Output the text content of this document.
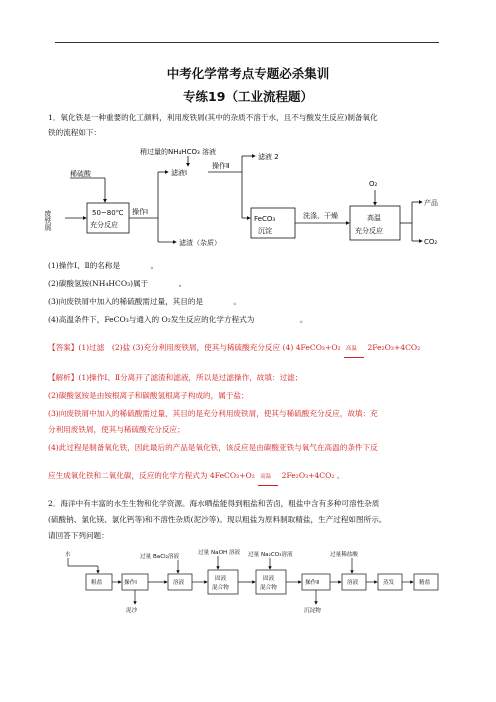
中考化学常考点专题必杀集训
专练19（工业流程题）
1．氧化铁是一种重要的化工颜料，利用废铁屑(其中的杂质不溶于水，且不与酸发生反应)制备氧化
铁的流程如下：
稍过量的NH₄HCO₃ 溶液
稀硫酸
废铁屑	50~80℃
充分反应
操作Ⅰ
滤液Ⅰ
操作Ⅱ
滤液 2
滤渣（杂质）
FeCO₃
沉淀
洗涤、干燥	高温
充分反应
O₂
产品
CO₂
(1)操作Ⅰ、Ⅱ的名称是　　　　。
(2)碳酸氢铵(NH₄HCO₃)属于　　　　。
(3)向废铁屑中加入的稀硫酸需过量，其目的是　　　　。
(4)高温条件下，FeCO₃与通入的 O₂发生反应的化学方程式为　　　　　　。
【答案】(1)过滤　(2)盐 (3)充分利用废铁屑，使其与稀硫酸充分反应 (4) 4FeCO₃+O₂ 高温 2Fe₂O₃+4CO₂
【解析】(1)操作Ⅰ、Ⅱ分离开了滤渣和滤液，所以是过滤操作，故填：过滤；
(2)碳酸氢铵是由铵根离子和碳酸氢根离子构成的，属于盐；
(3)向废铁屑中加入的稀硫酸需过量，其目的是充分利用废铁屑，使其与稀硫酸充分反应，故填：充
分利用废铁屑，使其与稀硫酸充分反应；
(4)此过程是制备氧化铁，因此最后的产品是氧化铁，该反应是由碳酸亚铁与氧气在高温的条件下反
应生成氧化铁和二氧化碳，反应的化学方程式为 4FeCO₃+O₂ 高温 2Fe₂O₃+4CO₂ 。
2．海洋中有丰富的水生生物和化学资源。海水晒盐能得到粗盐和苦卤，粗盐中含有多种可溶性杂质
(硫酸钠、氯化镁、氯化钙等)和不溶性杂质(泥沙等)。现以粗盐为原料制取精盐，生产过程如图所示。
请回答下列问题：
水	过量 BaCl₂溶液
过量 NaOH 溶液 过量 Na₂CO₃溶液	过量稀盐酸
粗盐	操作Ⅰ	溶液
固液
混合物
固液
混合物
操作Ⅱ	溶液	蒸发	精盐
泥沙	沉淀物
